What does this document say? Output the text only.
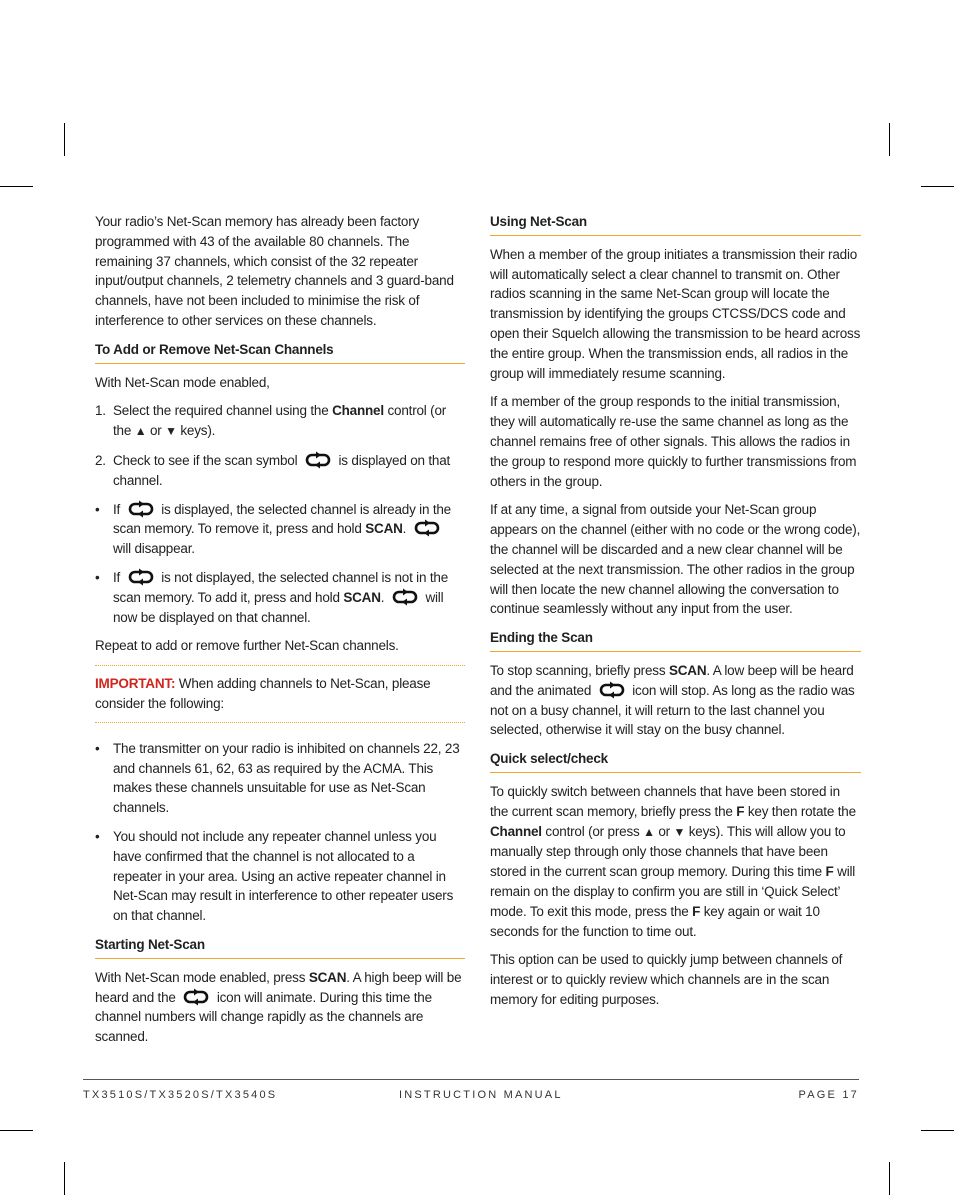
Your radio’s Net-Scan memory has already been factory programmed with 43 of the available 80 channels. The remaining 37 channels, which consist of the 32 repeater input/output channels, 2 telemetry channels and 3 guard-band channels, have not been included to minimise the risk of interference to other services on these channels.

To Add or Remove Net-Scan Channels

With Net-Scan mode enabled,

1. Select the required channel using the Channel control (or the ▲ or ▼ keys).
2. Check to see if the scan symbol	is displayed on that channel.
• If	is displayed, the selected channel is already in the scan memory. To remove it, press and hold SCAN.  will disappear.
• If	is not displayed, the selected channel is not in the scan memory. To add it, press and hold SCAN.	will now be displayed on that channel.

Repeat to add or remove further Net-Scan channels.

IMPORTANT: When adding channels to Net-Scan, please consider the following:
• The transmitter on your radio is inhibited on channels 22, 23 and channels 61, 62, 63 as required by the ACMA. This makes these channels unsuitable for use as Net-Scan channels.
• You should not include any repeater channel unless you have confirmed that the channel is not allocated to a repeater in your area. Using an active repeater channel in Net-Scan may result in interference to other repeater users on that channel.
Starting Net-Scan

With Net-Scan mode enabled, press SCAN. A high beep will be heard and the	icon will animate. During this time the channel numbers will change rapidly as the channels are scanned.

Using Net-Scan

When a member of the group initiates a transmission their radio will automatically select a clear channel to transmit on. Other radios scanning in the same Net-Scan group will locate the transmission by identifying the groups CTCSS/DCS code and open their Squelch allowing the transmission to be heard across the entire group. When the transmission ends, all radios in the group will immediately resume scanning.

If a member of the group responds to the initial transmission, they will automatically re-use the same channel as long as the channel remains free of other signals. This allows the radios in the group to respond more quickly to further transmissions from others in the group.

If at any time, a signal from outside your Net-Scan group appears on the channel (either with no code or the wrong code), the channel will be discarded and a new clear channel will be selected at the next transmission. The other radios in the group will then locate the new channel allowing the conversation to continue seamlessly without any input from the user.

Ending the Scan

To stop scanning, briefly press SCAN. A low beep will be heard and the animated	icon will stop. As long as the radio was not on a busy channel, it will return to the last channel you selected, otherwise it will stay on the busy channel.

Quick select/check

To quickly switch between channels that have been stored in the current scan memory, briefly press the F key then rotate the Channel control (or press ▲ or ▼ keys). This will allow you to manually step through only those channels that have been stored in the current scan group memory. During this time F will remain on the display to confirm you are still in ‘Quick Select’ mode. To exit this mode, press the F key again or wait 10 seconds for the function to time out.

This option can be used to quickly jump between channels of interest or to quickly review which channels are in the scan memory for editing purposes.

TX3510S/TX3520S/TX3540S	INSTRUCTION MANUAL	PAGE 17
